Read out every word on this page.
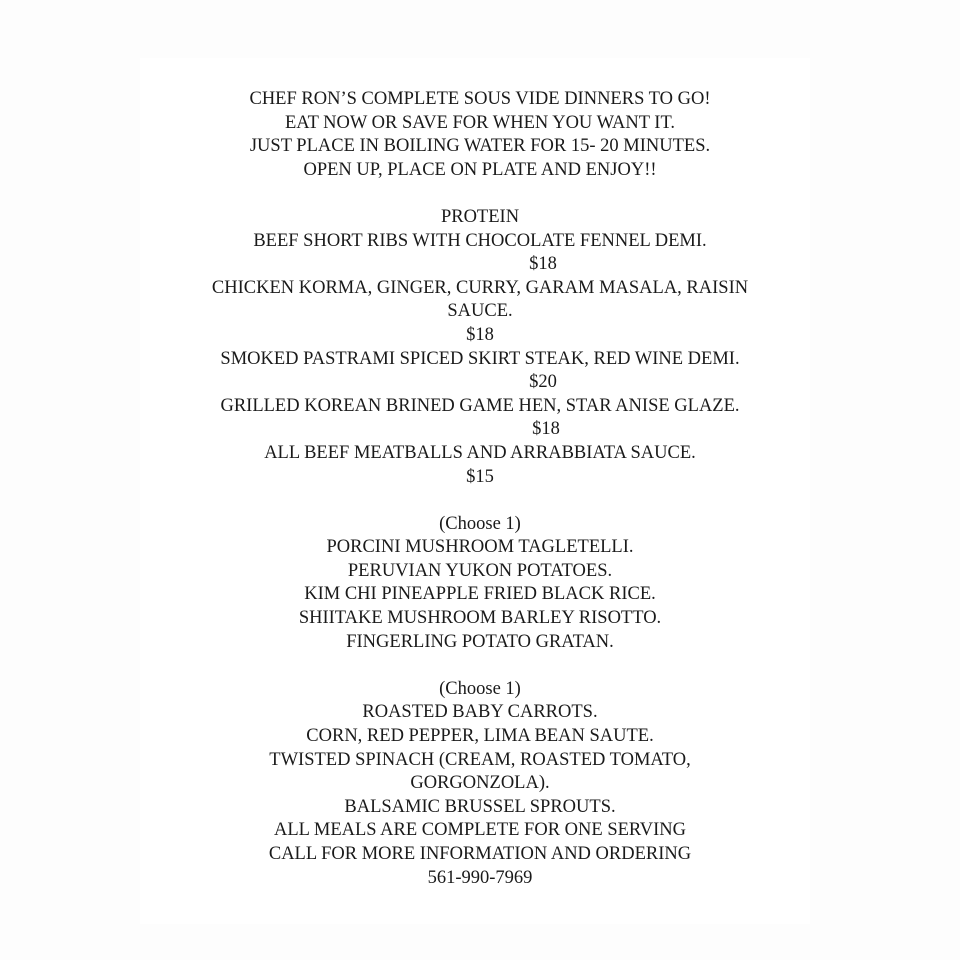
CHEF RON’S COMPLETE SOUS VIDE DINNERS TO GO!
EAT NOW OR SAVE FOR WHEN YOU WANT IT.
JUST PLACE IN BOILING WATER FOR 15- 20 MINUTES.
OPEN UP, PLACE ON PLATE AND ENJOY!!
PROTEIN
BEEF SHORT RIBS WITH CHOCOLATE FENNEL DEMI.
$18
CHICKEN KORMA, GINGER, CURRY, GARAM MASALA, RAISIN
SAUCE.
$18
SMOKED PASTRAMI SPICED SKIRT STEAK, RED WINE DEMI.
$20
GRILLED KOREAN BRINED GAME HEN, STAR ANISE GLAZE.
$18
ALL BEEF MEATBALLS AND ARRABBIATA SAUCE.
$15
(Choose 1)
PORCINI MUSHROOM TAGLETELLI.
PERUVIAN YUKON POTATOES.
KIM CHI PINEAPPLE FRIED BLACK RICE.
SHIITAKE MUSHROOM BARLEY RISOTTO.
FINGERLING POTATO GRATAN.
(Choose 1)
ROASTED BABY CARROTS.
CORN, RED PEPPER, LIMA BEAN SAUTE.
TWISTED SPINACH (CREAM, ROASTED TOMATO,
GORGONZOLA).
BALSAMIC BRUSSEL SPROUTS.
ALL MEALS ARE COMPLETE FOR ONE SERVING
CALL FOR MORE INFORMATION AND ORDERING
561-990-7969
